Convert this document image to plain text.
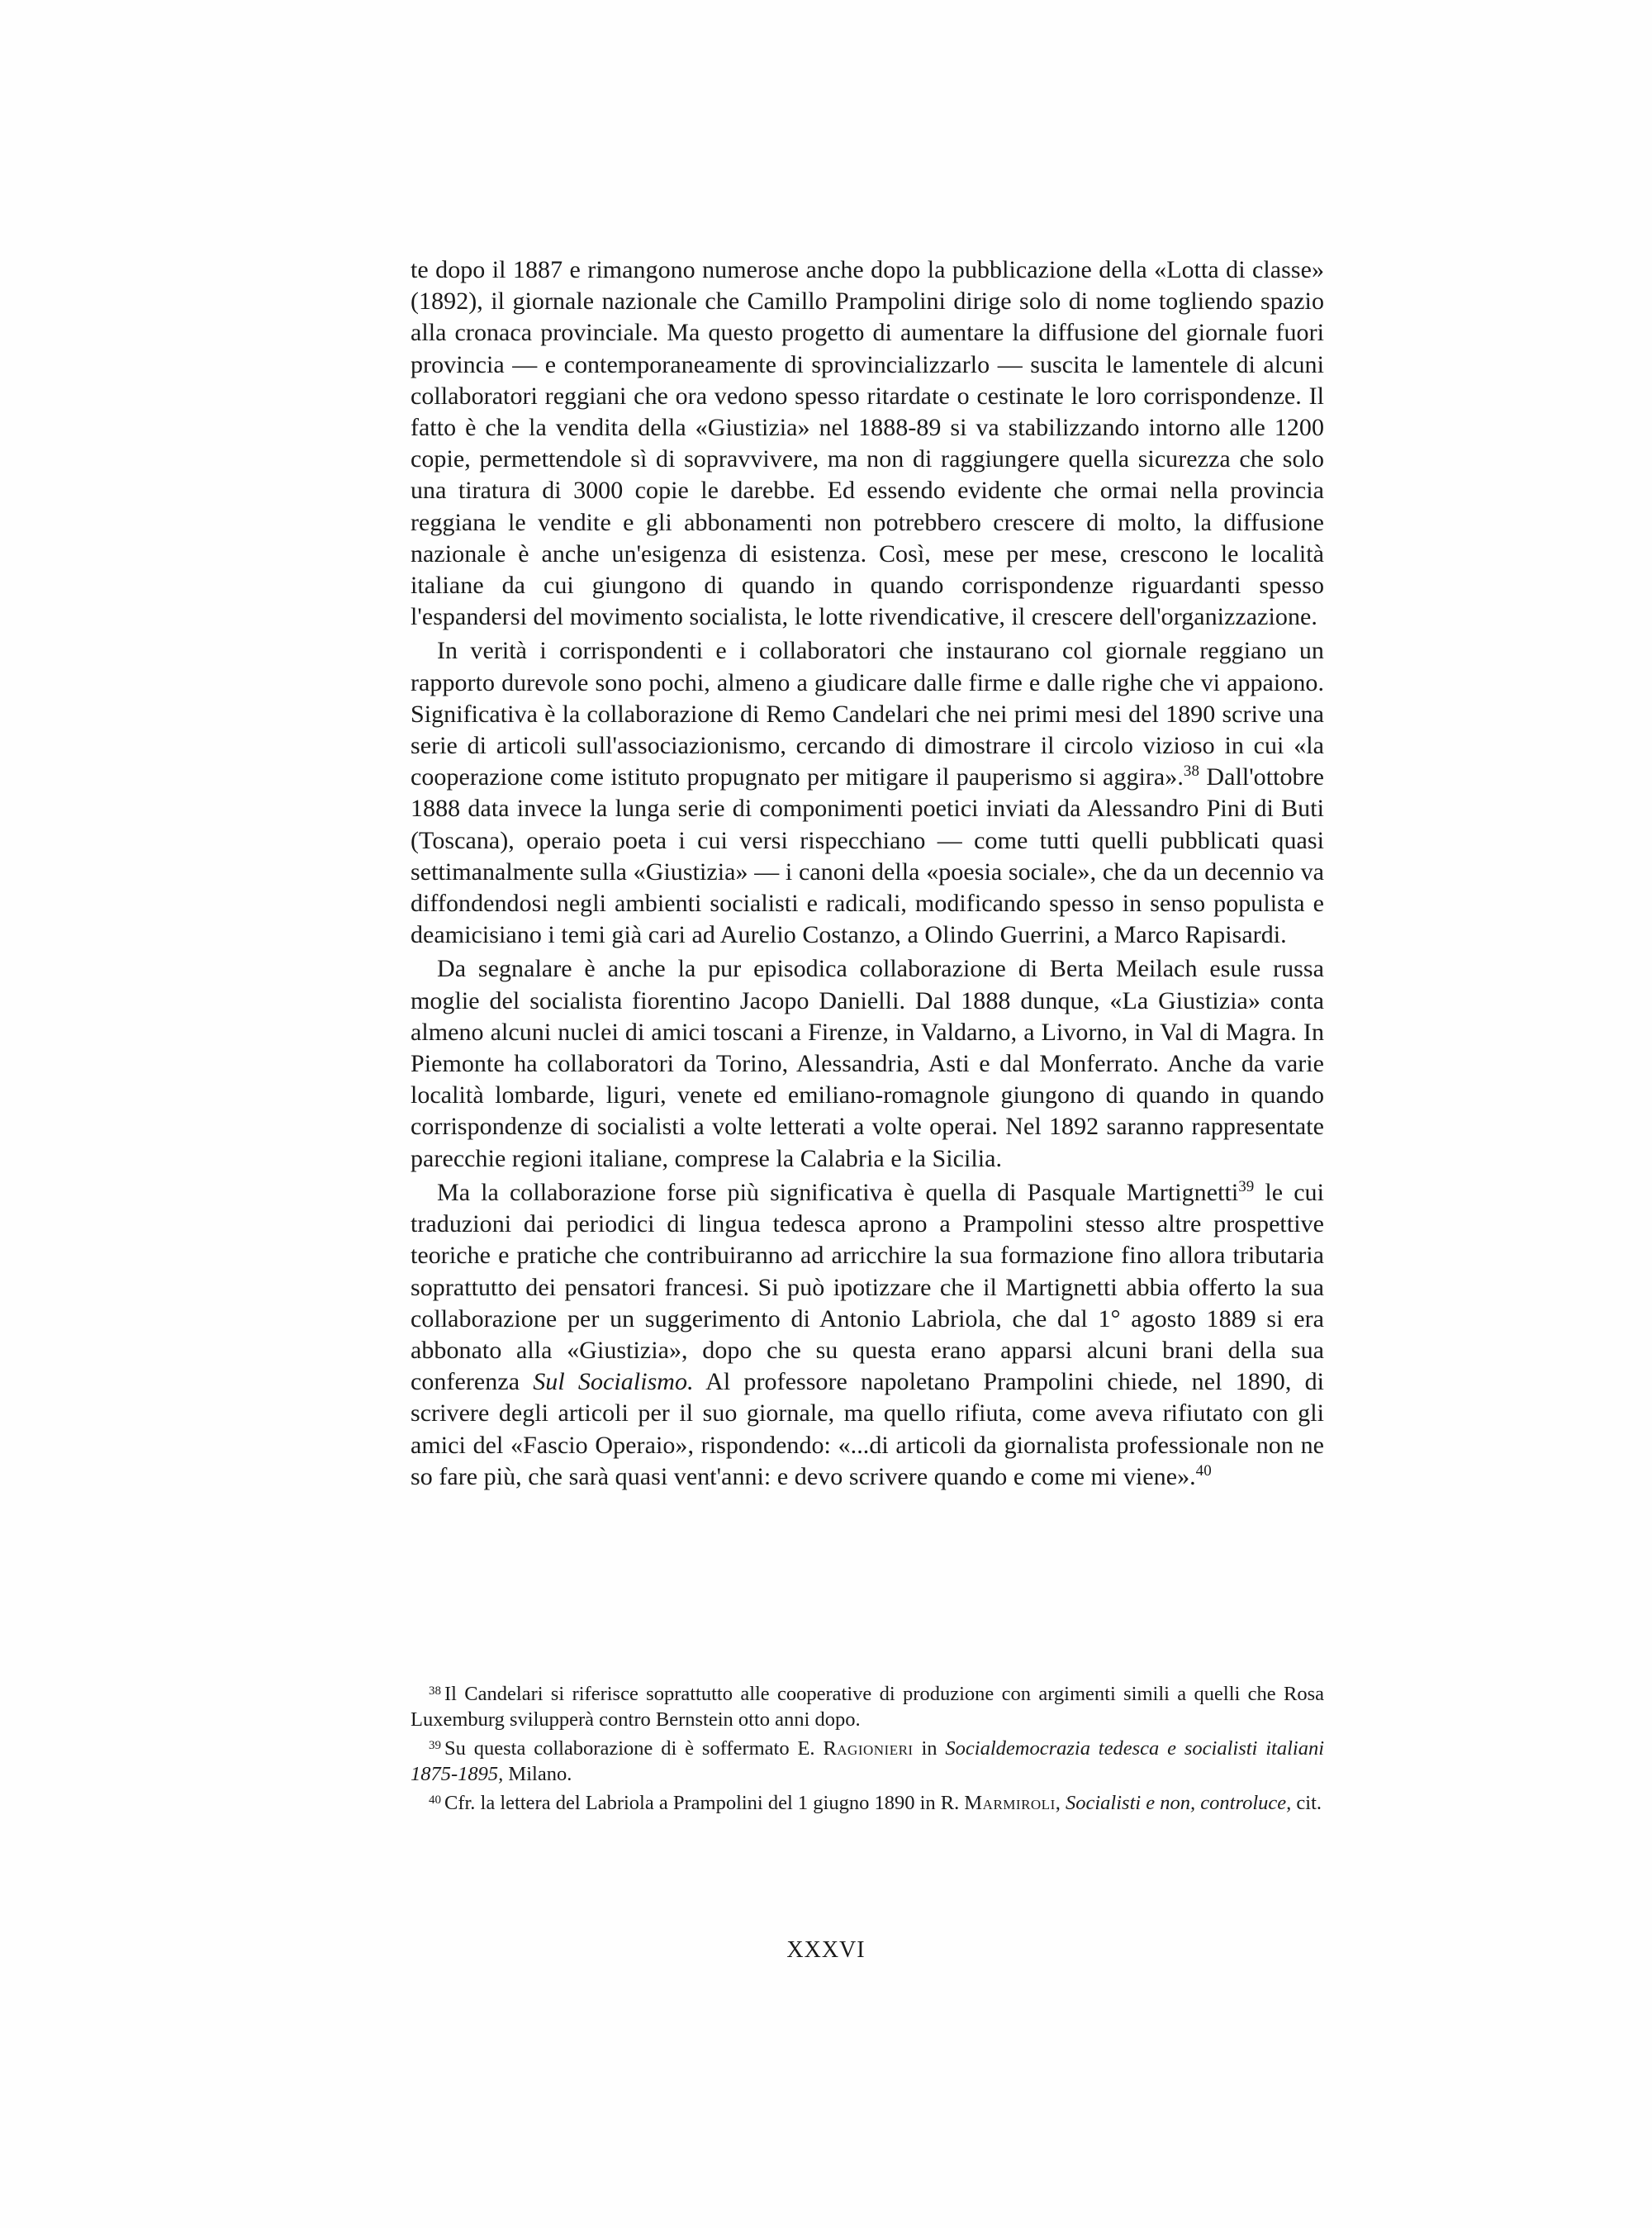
te dopo il 1887 e rimangono numerose anche dopo la pubblicazione della «Lotta di classe» (1892), il giornale nazionale che Camillo Prampolini dirige solo di nome togliendo spazio alla cronaca provinciale. Ma questo progetto di aumentare la diffusione del giornale fuori provincia — e contemporaneamente di sprovincializzarlo — suscita le lamentele di alcuni collaboratori reggiani che ora vedono spesso ritardate o cestinate le loro corrispondenze. Il fatto è che la vendita della «Giustizia» nel 1888-89 si va stabilizzando intorno alle 1200 copie, permettendole sì di sopravvivere, ma non di raggiungere quella sicurezza che solo una tiratura di 3000 copie le darebbe. Ed essendo evidente che ormai nella provincia reggiana le vendite e gli abbonamenti non potrebbero crescere di molto, la diffusione nazionale è anche un'esigenza di esistenza. Così, mese per mese, crescono le località italiane da cui giungono di quando in quando corrispondenze riguardanti spesso l'espandersi del movimento socialista, le lotte rivendicative, il crescere dell'organizzazione.

In verità i corrispondenti e i collaboratori che instaurano col giornale reggiano un rapporto durevole sono pochi, almeno a giudicare dalle firme e dalle righe che vi appaiono. Significativa è la collaborazione di Remo Candelari che nei primi mesi del 1890 scrive una serie di articoli sull'associazionismo, cercando di dimostrare il circolo vizioso in cui «la cooperazione come istituto propugnato per mitigare il pauperismo si aggira».$^{38}$ Dall'ottobre 1888 data invece la lunga serie di componimenti poetici inviati da Alessandro Pini di Buti (Toscana), operaio poeta i cui versi rispecchiano — come tutti quelli pubblicati quasi settimanalmente sulla «Giustizia» — i canoni della «poesia sociale», che da un decennio va diffondendosi negli ambienti socialisti e radicali, modificando spesso in senso populista e deamicisiano i temi già cari ad Aurelio Costanzo, a Olindo Guerrini, a Marco Rapisardi.

Da segnalare è anche la pur episodica collaborazione di Berta Meilach esule russa moglie del socialista fiorentino Jacopo Danielli. Dal 1888 dunque, «La Giustizia» conta almeno alcuni nuclei di amici toscani a Firenze, in Valdarno, a Livorno, in Val di Magra. In Piemonte ha collaboratori da Torino, Alessandria, Asti e dal Monferrato. Anche da varie località lombarde, liguri, venete ed emiliano-romagnole giungono di quando in quando corrispondenze di socialisti a volte letterati a volte operai. Nel 1892 saranno rappresentate parecchie regioni italiane, comprese la Calabria e la Sicilia.

Ma la collaborazione forse più significativa è quella di Pasquale Martignetti$^{39}$ le cui traduzioni dai periodici di lingua tedesca aprono a Prampolini stesso altre prospettive teoriche e pratiche che contribuiranno ad arricchire la sua formazione fino allora tributaria soprattutto dei pensatori francesi. Si può ipotizzare che il Martignetti abbia offerto la sua collaborazione per un suggerimento di Antonio Labriola, che dal 1° agosto 1889 si era abbonato alla «Giustizia», dopo che su questa erano apparsi alcuni brani della sua conferenza Sul Socialismo. Al professore napoletano Prampolini chiede, nel 1890, di scrivere degli articoli per il suo giornale, ma quello rifiuta, come aveva rifiutato con gli amici del «Fascio Operaio», rispondendo: «...di articoli da giornalista professionale non ne so fare più, che sarà quasi vent'anni: e devo scrivere quando e come mi viene».$^{40}$

$^{38}$ Il Candelari si riferisce soprattutto alle cooperative di produzione con argimenti simili a quelli che Rosa Luxemburg svilupperà contro Bernstein otto anni dopo.

$^{39}$ Su questa collaborazione di è soffermato E. Ragionieri in Socialdemocrazia tedesca e socialisti italiani 1875-1895, Milano.

$^{40}$ Cfr. la lettera del Labriola a Prampolini del 1 giugno 1890 in R. Marmiroli, Socialisti e non, controluce, cit.

XXXVI
